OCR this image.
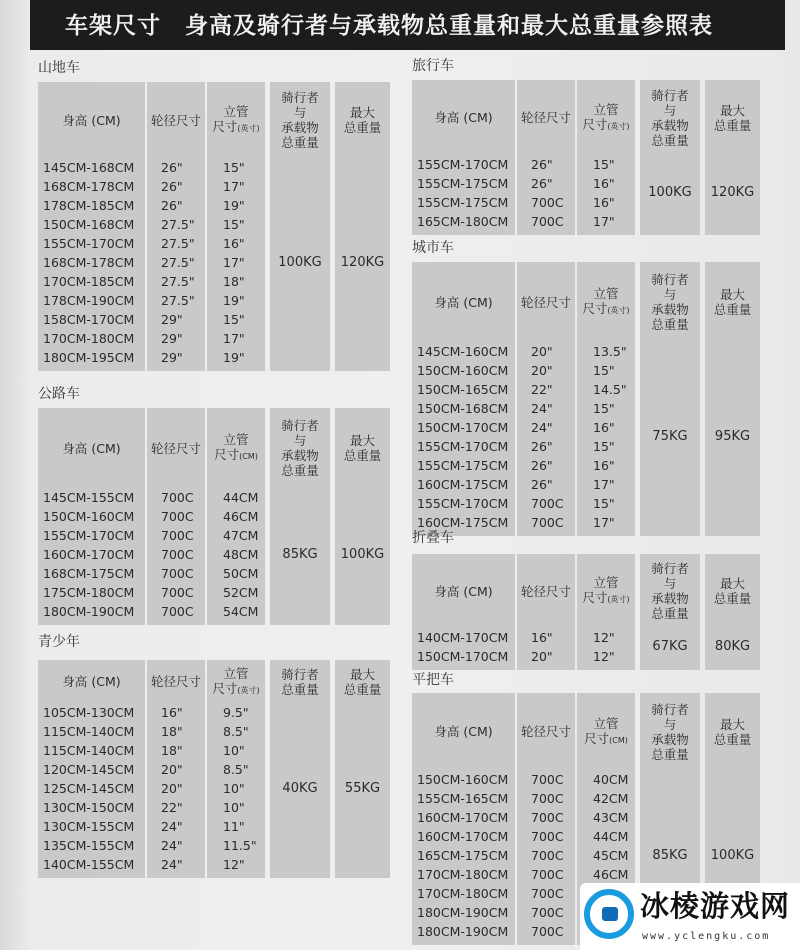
车架尺寸　身高及骑行者与承载物总重量和最大总重量参照表
身高 (CM)
145CM-168CM
168CM-178CM
178CM-185CM
150CM-168CM
155CM-170CM
168CM-178CM
170CM-185CM
178CM-190CM
158CM-170CM
170CM-180CM
180CM-195CM
轮径尺寸
26"
26"
26"
27.5"
27.5"
27.5"
27.5"
27.5"
29"
29"
29"
立管
尺寸(英寸)
15"
17"
19"
15"
16"
17"
18"
19"
15"
17"
19"
骑行者
与
承载物
总重量
100KG
最大
总重量
120KG
山地车
身高 (CM)
145CM-155CM
150CM-160CM
155CM-170CM
160CM-170CM
168CM-175CM
175CM-180CM
180CM-190CM
轮径尺寸
700C
700C
700C
700C
700C
700C
700C
立管
尺寸(CM)
44CM
46CM
47CM
48CM
50CM
52CM
54CM
骑行者
与
承载物
总重量
85KG
最大
总重量
100KG
公路车
身高 (CM)
105CM-130CM
115CM-140CM
115CM-140CM
120CM-145CM
125CM-145CM
130CM-150CM
130CM-155CM
135CM-155CM
140CM-155CM
轮径尺寸
16"
18"
18"
20"
20"
22"
24"
24"
24"
立管
尺寸(英寸)
9.5"
8.5"
10"
8.5"
10"
10"
11"
11.5"
12"
骑行者
总重量
40KG
最大
总重量
55KG
青少年
身高 (CM)
155CM-170CM
155CM-175CM
155CM-175CM
165CM-180CM
轮径尺寸
26"
26"
700C
700C
立管
尺寸(英寸)
15"
16"
16"
17"
骑行者
与
承载物
总重量
100KG
最大
总重量
120KG
旅行车
身高 (CM)
145CM-160CM
150CM-160CM
150CM-165CM
150CM-168CM
150CM-170CM
155CM-170CM
155CM-175CM
160CM-175CM
155CM-170CM
160CM-175CM
轮径尺寸
20"
20"
22"
24"
24"
26"
26"
26"
700C
700C
立管
尺寸(英寸)
13.5"
15"
14.5"
15"
16"
15"
16"
17"
15"
17"
骑行者
与
承载物
总重量
75KG
最大
总重量
95KG
城市车
身高 (CM)
140CM-170CM
150CM-170CM
轮径尺寸
16"
20"
立管
尺寸(英寸)
12"
12"
骑行者
与
承载物
总重量
67KG
最大
总重量
80KG
折叠车
身高 (CM)
150CM-160CM
155CM-165CM
160CM-170CM
160CM-170CM
165CM-175CM
170CM-180CM
170CM-180CM
180CM-190CM
180CM-190CM
轮径尺寸
700C
700C
700C
700C
700C
700C
700C
700C
700C
立管
尺寸(CM)
40CM
42CM
43CM
44CM
45CM
46CM
骑行者
与
承载物
总重量
85KG
最大
总重量
100KG
平把车
冰棱游戏网
www.yclengku.com
